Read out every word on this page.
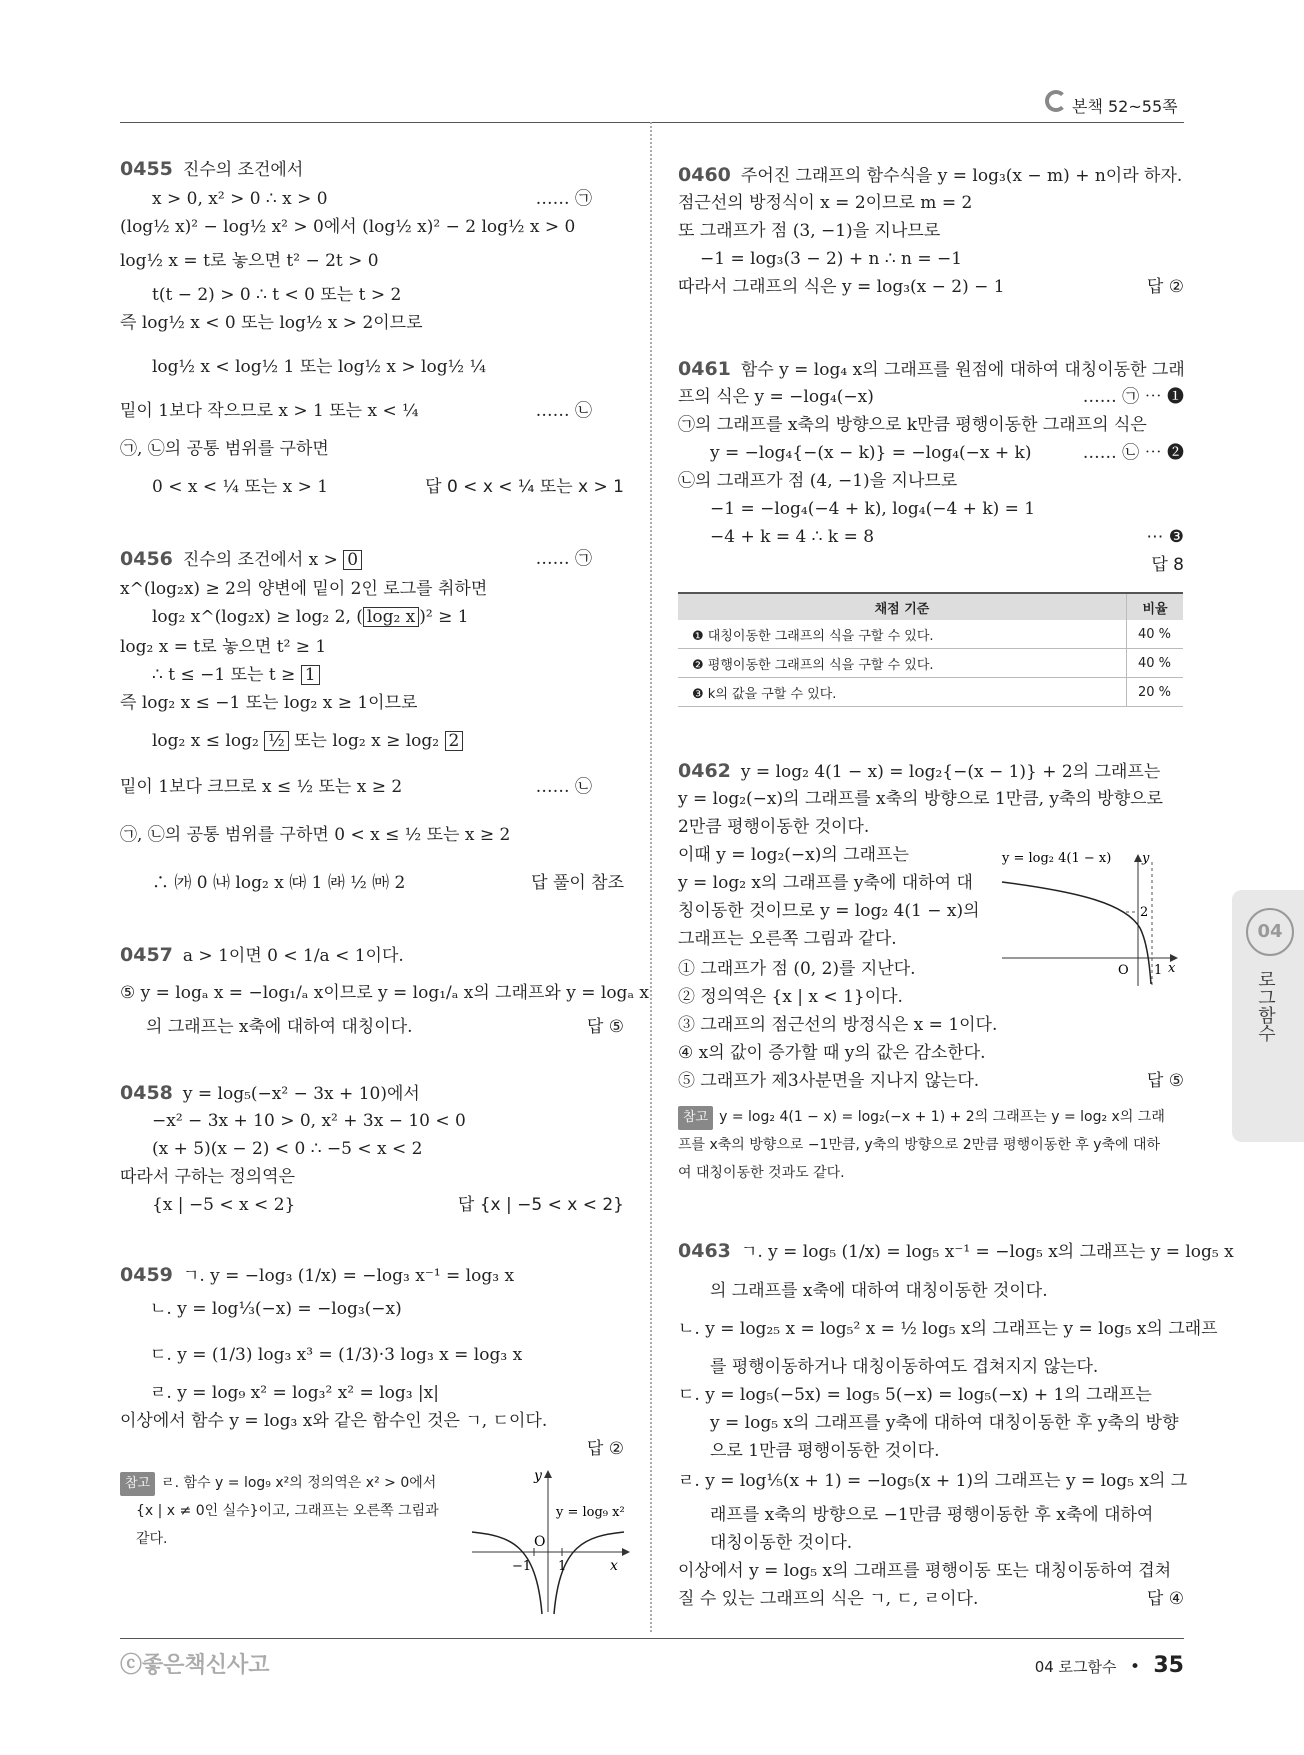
본책 52~55쪽
0455 진수의 조건에서
x > 0, x² > 0 ∴ x > 0	…… ㉠
(log½ x)² − log½ x² > 0에서 (log½ x)² − 2 log½ x > 0
log½ x = t로 놓으면 t² − 2t > 0
t(t − 2) > 0 ∴ t < 0 또는 t > 2
즉 log½ x < 0 또는 log½ x > 2이므로
log½ x < log½ 1 또는 log½ x > log½ ¼
밑이 1보다 작으므로 x > 1 또는 x < ¼	…… ㉡
㉠, ㉡의 공통 범위를 구하면
0 < x < ¼ 또는 x > 1	답 0 < x < ¼ 또는 x > 1
0456 진수의 조건에서 x > 0	…… ㉠
x^(log₂x) ≥ 2의 양변에 밑이 2인 로그를 취하면
log₂ x^(log₂x) ≥ log₂ 2, ( log₂ x )² ≥ 1
log₂ x = t로 놓으면 t² ≥ 1
∴ t ≤ −1 또는 t ≥ 1
즉 log₂ x ≤ −1 또는 log₂ x ≥ 1이므로
log₂ x ≤ log₂ ½ 또는 log₂ x ≥ log₂ 2
밑이 1보다 크므로 x ≤ ½ 또는 x ≥ 2	…… ㉡
㉠, ㉡의 공통 범위를 구하면 0 < x ≤ ½ 또는 x ≥ 2
∴ ㈎ 0 ㈏ log₂ x ㈐ 1 ㈑ ½ ㈒ 2	답 풀이 참조
0457 a > 1이면 0 < 1/a < 1이다.
⑤ y = logₐ x = −log₁/ₐ x이므로 y = log₁/ₐ x의 그래프와 y = logₐ x
의 그래프는 x축에 대하여 대칭이다.	답 ⑤
0458 y = log₅(−x² − 3x + 10)에서
−x² − 3x + 10 > 0, x² + 3x − 10 < 0
(x + 5)(x − 2) < 0 ∴ −5 < x < 2
따라서 구하는 정의역은
{x | −5 < x < 2}	답 {x | −5 < x < 2}
0459 ㄱ. y = −log₃ (1/x) = −log₃ x⁻¹ = log₃ x
ㄴ. y = log⅓(−x) = −log₃(−x)
ㄷ. y = (1/3) log₃ x³ = (1/3)·3 log₃ x = log₃ x
ㄹ. y = log₉ x² = log₃² x² = log₃ |x|
이상에서 함수 y = log₃ x와 같은 함수인 것은 ㄱ, ㄷ이다.
답 ②
참고 ㄹ. 함수 y = log₉ x²의 정의역은 x² > 0에서
{x | x ≠ 0인 실수}이고, 그래프는 오른쪽 그림과
같다.
y
x
O
y = log₉ x²
−1 1
0460 주어진 그래프의 함수식을 y = log₃(x − m) + n이라 하자.
점근선의 방정식이 x = 2이므로 m = 2
또 그래프가 점 (3, −1)을 지나므로
−1 = log₃(3 − 2) + n ∴ n = −1
따라서 그래프의 식은 y = log₃(x − 2) − 1	답 ②
0461 함수 y = log₄ x의 그래프를 원점에 대하여 대칭이동한 그래
프의 식은 y = −log₄(−x)	…… ㉠ ⋯ ❶
㉠의 그래프를 x축의 방향으로 k만큼 평행이동한 그래프의 식은
y = −log₄{−(x − k)} = −log₄(−x + k)	…… ㉡ ⋯ ❷
㉡의 그래프가 점 (4, −1)을 지나므로
−1 = −log₄(−4 + k), log₄(−4 + k) = 1
−4 + k = 4 ∴ k = 8	⋯ ❸
답 8
채점 기준	비율
❶ 대칭이동한 그래프의 식을 구할 수 있다.	40 %
❷ 평행이동한 그래프의 식을 구할 수 있다.	40 %
❸ k의 값을 구할 수 있다.	20 %
0462 y = log₂ 4(1 − x) = log₂{−(x − 1)} + 2의 그래프는
y = log₂(−x)의 그래프를 x축의 방향으로 1만큼, y축의 방향으로
2만큼 평행이동한 것이다.
이때 y = log₂(−x)의 그래프는
y = log₂ x의 그래프를 y축에 대하여 대
칭이동한 것이므로 y = log₂ 4(1 − x)의
그래프는 오른쪽 그림과 같다.
① 그래프가 점 (0, 2)를 지난다.
② 정의역은 {x | x < 1}이다.
③ 그래프의 점근선의 방정식은 x = 1이다.
④ x의 값이 증가할 때 y의 값은 감소한다.
⑤ 그래프가 제3사분면을 지나지 않는다.	답 ⑤
참고 y = log₂ 4(1 − x) = log₂(−x + 1) + 2의 그래프는 y = log₂ x의 그래
프를 x축의 방향으로 −1만큼, y축의 방향으로 2만큼 평행이동한 후 y축에 대하
여 대칭이동한 것과도 같다.
y = log₂ 4(1 − x) y
x
O
2
1
0463 ㄱ. y = log₅ (1/x) = log₅ x⁻¹ = −log₅ x의 그래프는 y = log₅ x
의 그래프를 x축에 대하여 대칭이동한 것이다.
ㄴ. y = log₂₅ x = log₅² x = ½ log₅ x의 그래프는 y = log₅ x의 그래프
를 평행이동하거나 대칭이동하여도 겹쳐지지 않는다.
ㄷ. y = log₅(−5x) = log₅ 5(−x) = log₅(−x) + 1의 그래프는
y = log₅ x의 그래프를 y축에 대하여 대칭이동한 후 y축의 방향
으로 1만큼 평행이동한 것이다.
ㄹ. y = log⅕(x + 1) = −log₅(x + 1)의 그래프는 y = log₅ x의 그
래프를 x축의 방향으로 −1만큼 평행이동한 후 x축에 대하여
대칭이동한 것이다.
이상에서 y = log₅ x의 그래프를 평행이동 또는 대칭이동하여 겹쳐
질 수 있는 그래프의 식은 ㄱ, ㄷ, ㄹ이다.	답 ④
04
로그함수
ⓒ좋은책신사고	04 로그함수 • 35
